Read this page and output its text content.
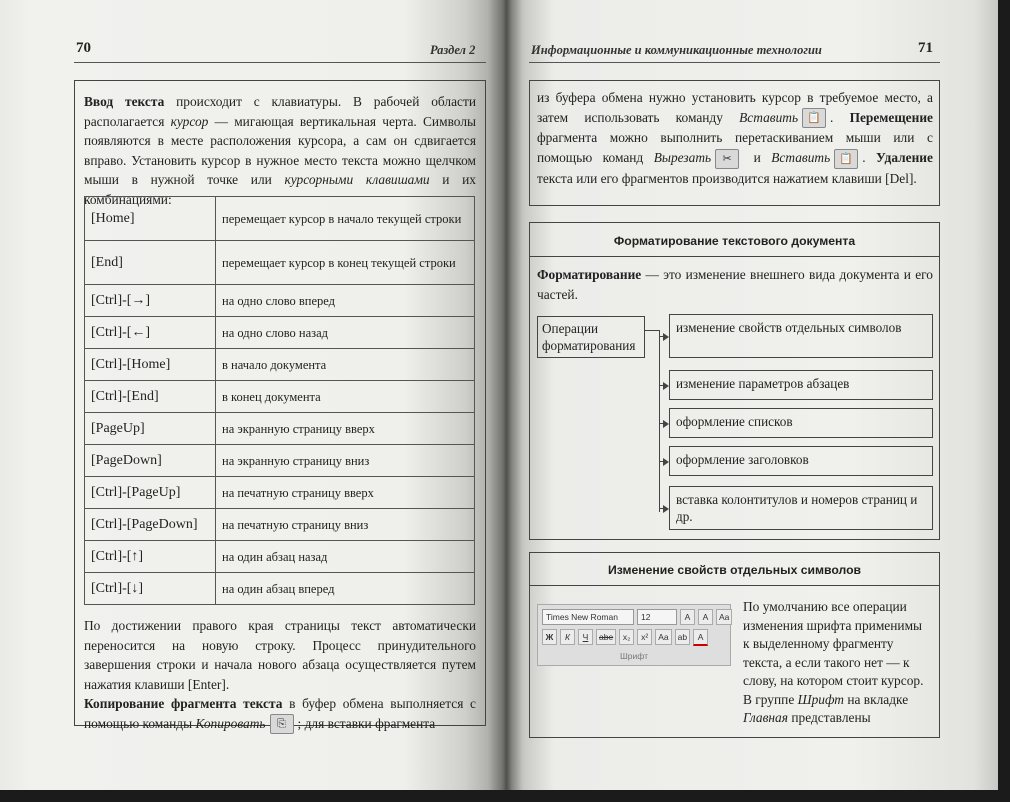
70	Раздел 2
Ввод текста происходит с клавиатуры. В рабочей области располагается курсор — мигающая вертикальная черта. Символы появляются в месте расположения курсора, а сам он сдвигается вправо. Установить курсор в нужное место текста можно щелчком мыши в нужной точке или курсорными клавишами и их комбинациями:
[Home]	перемещает курсор в начало текущей строки
[End]	перемещает курсор в конец текущей строки
[Ctrl]-[→]	на одно слово вперед
[Ctrl]-[←]	на одно слово назад
[Ctrl]-[Home]	в начало документа
[Ctrl]-[End]	в конец документа
[PageUp]	на экранную страницу вверх
[PageDown]	на экранную страницу вниз
[Ctrl]-[PageUp]	на печатную страницу вверх
[Ctrl]-[PageDown]	на печатную страницу вниз
[Ctrl]-[↑]	на один абзац назад
[Ctrl]-[↓]	на один абзац вперед
По достижении правого края страницы текст автоматически переносится на новую строку. Процесс принудительного завершения строки и начала нового абзаца осуществляется путем нажатия клавиши [Enter].
Копирование фрагмента текста в буфер обмена выполняется с помощью команды Копировать ⎘ ; для вставки фрагмента
Информационные и коммуникационные технологии	71
из буфера обмена нужно установить курсор в требуемое место, а затем использовать команду Вставить 📋 . Перемещение фрагмента можно выполнить перетаскиванием мыши или с помощью команд Вырезать ✂ и Вставить 📋 . Удаление текста или его фрагментов производится нажатием клавиши [Del].
Форматирование текстового документа
Форматирование — это изменение внешнего вида документа и его частей.
Операции форматирования
изменение свойств отдельных символов
изменение параметров абзацев
оформление списков
оформление заголовков
вставка колонтитулов и номеров страниц и др.
Изменение свойств отдельных символов
Times New Roman	12	A	A	Aa
Ж	К	Ч	abe	x₂	x²	Aa	ab	A
Шрифт
По умолчанию все операции изменения шрифта применимы к выделенному фрагменту текста, а если такого нет — к слову, на котором стоит курсор. В группе Шрифт на вкладке Главная представлены
